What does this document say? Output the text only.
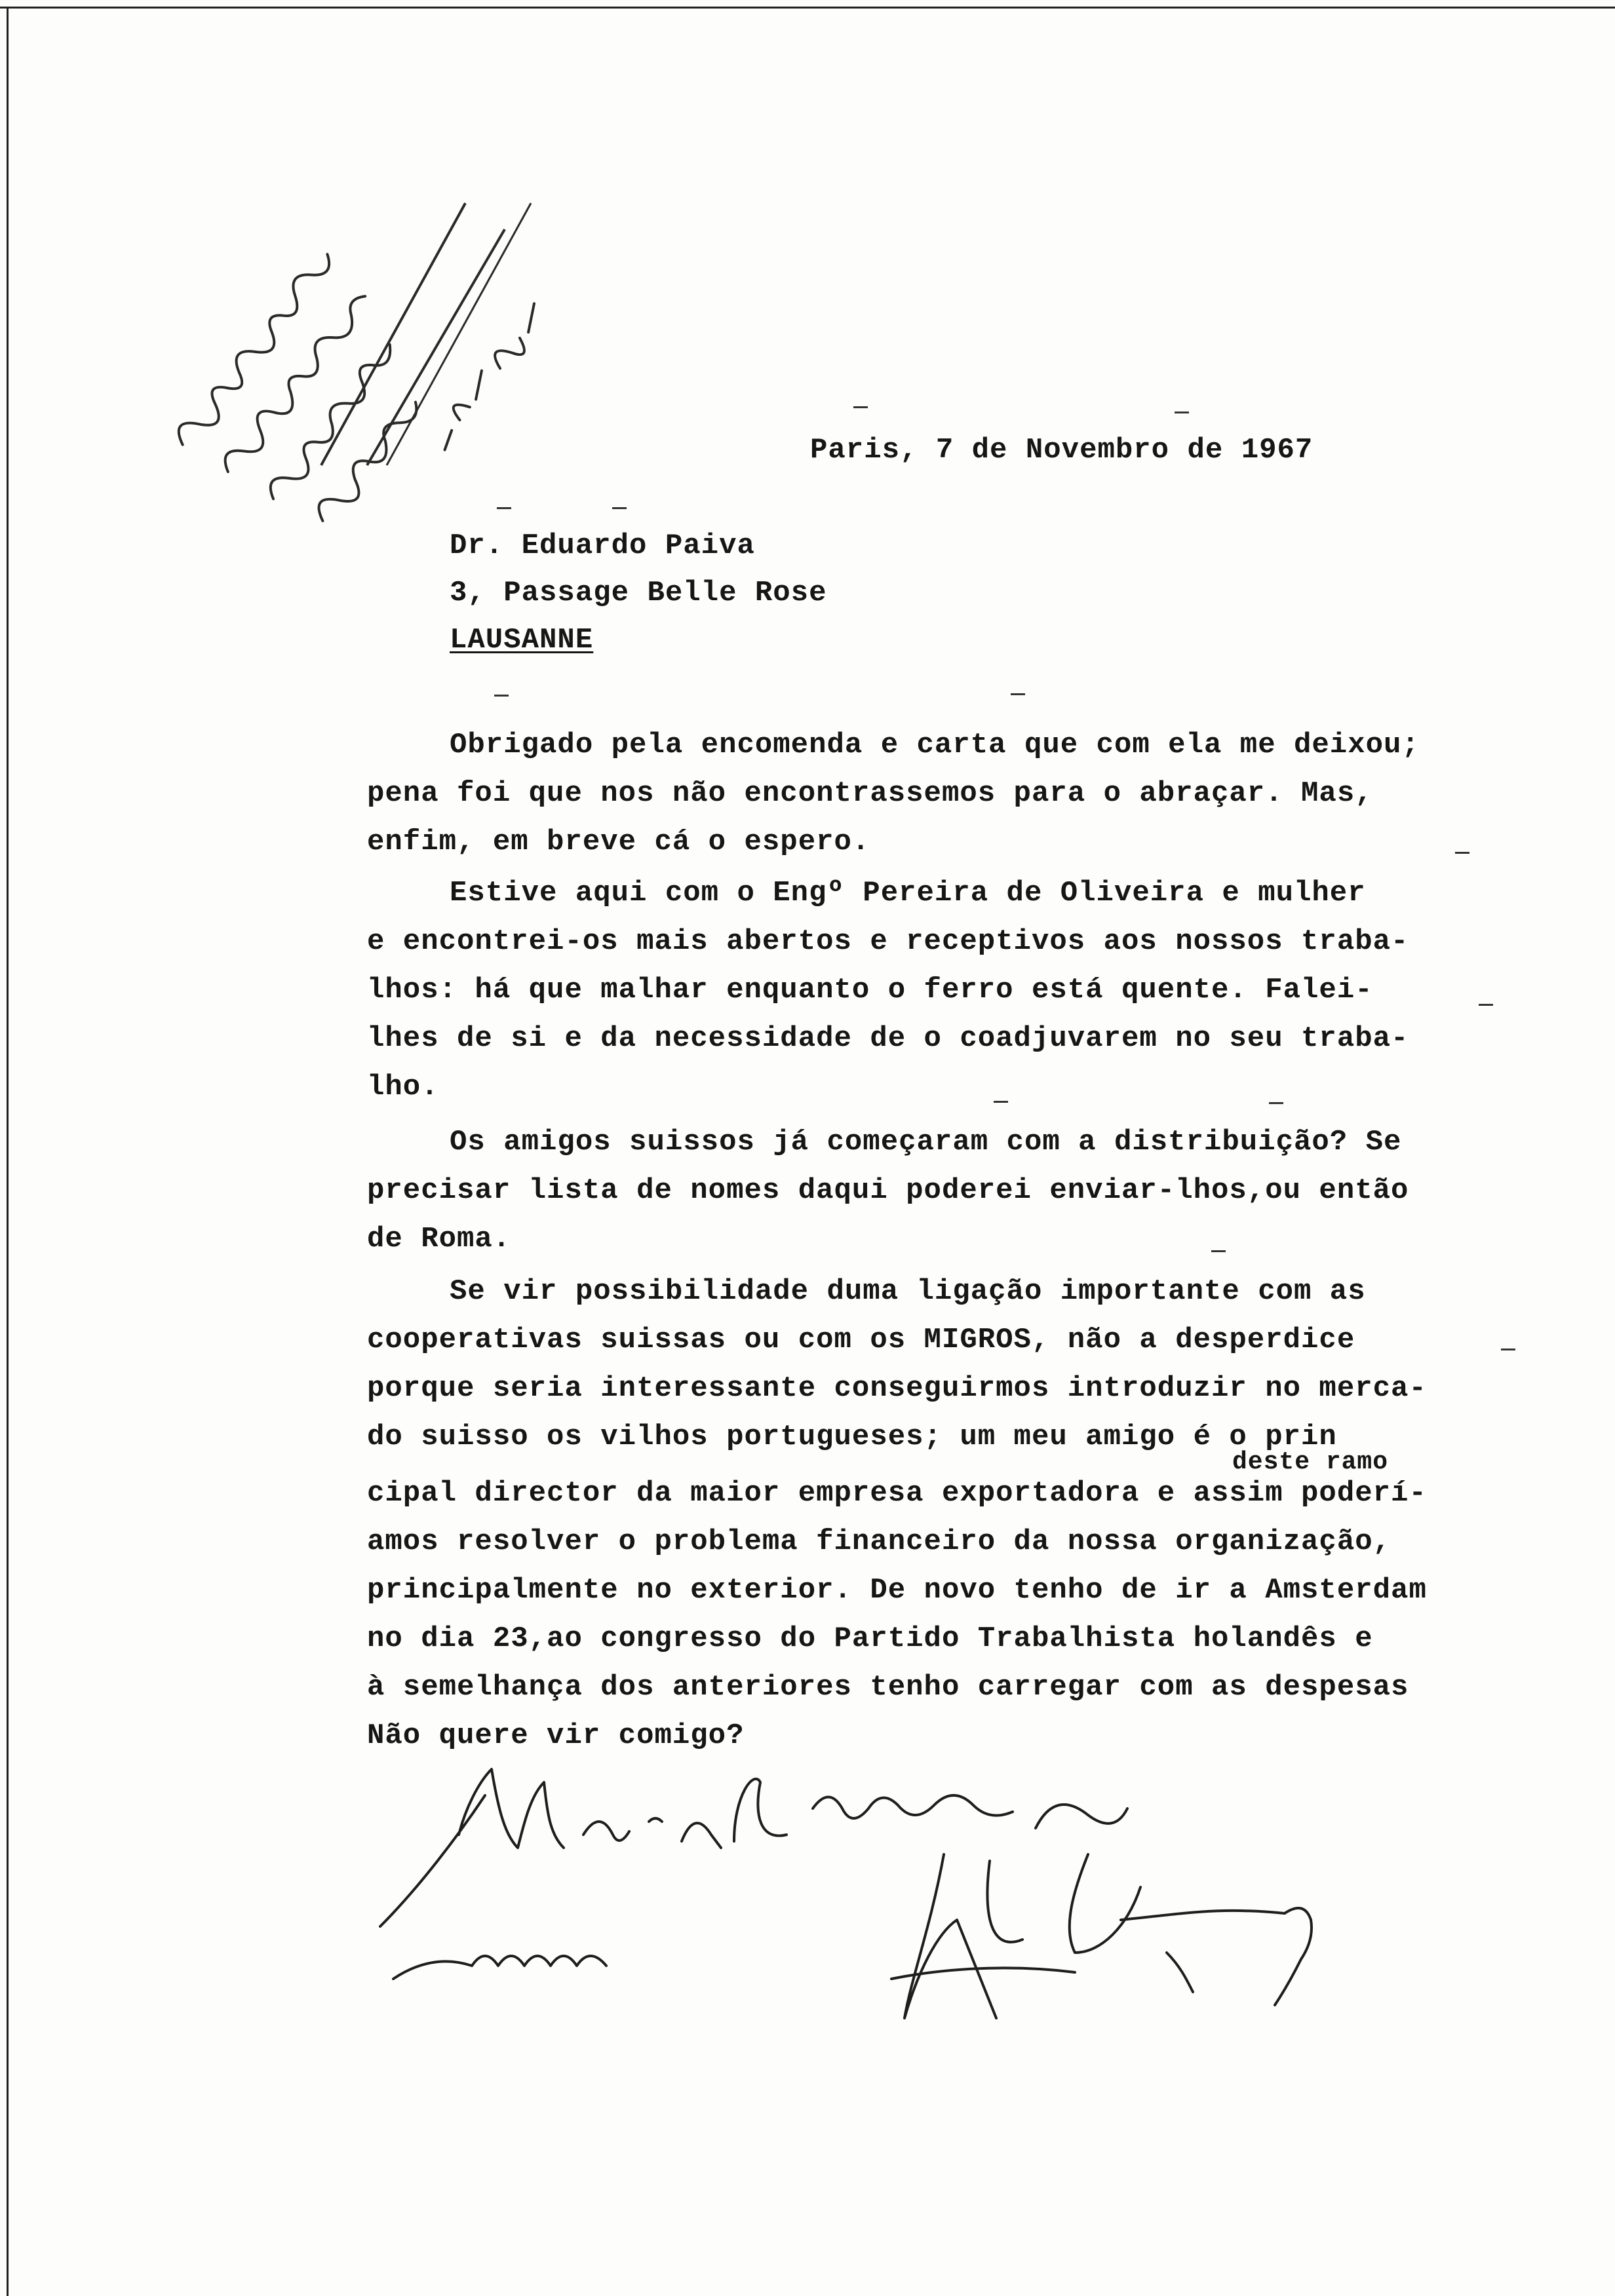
Paris, 7 de Novembro de 1967
Dr. Eduardo Paiva
3, Passage Belle Rose
LAUSANNE
Obrigado pela encomenda e carta que com ela me deixou;
pena foi que nos não encontrassemos para o abraçar. Mas,
enfim, em breve cá o espero.
Estive aqui com o Engº Pereira de Oliveira e mulher
e encontrei-os mais abertos e receptivos aos nossos traba-
lhos: há que malhar enquanto o ferro está quente. Falei-
lhes de si e da necessidade de o coadjuvarem no seu traba-
lho.
Os amigos suissos já começaram com a distribuição? Se
precisar lista de nomes daqui poderei enviar-lhos,ou então
de Roma.
Se vir possibilidade duma ligação importante com as
cooperativas suissas ou com os MIGROS, não a desperdice
porque seria interessante conseguirmos introduzir no merca-
do suisso os vilhos portugueses; um meu amigo é o prin
cipal director da maior empresa exportadora e assim poderí-
amos resolver o problema financeiro da nossa organização,
principalmente no exterior. De novo tenho de ir a Amsterdam
no dia 23,ao congresso do Partido Trabalhista holandês e
à semelhança dos anteriores tenho carregar com as despesas
Não quere vir comigo?
deste ramo
